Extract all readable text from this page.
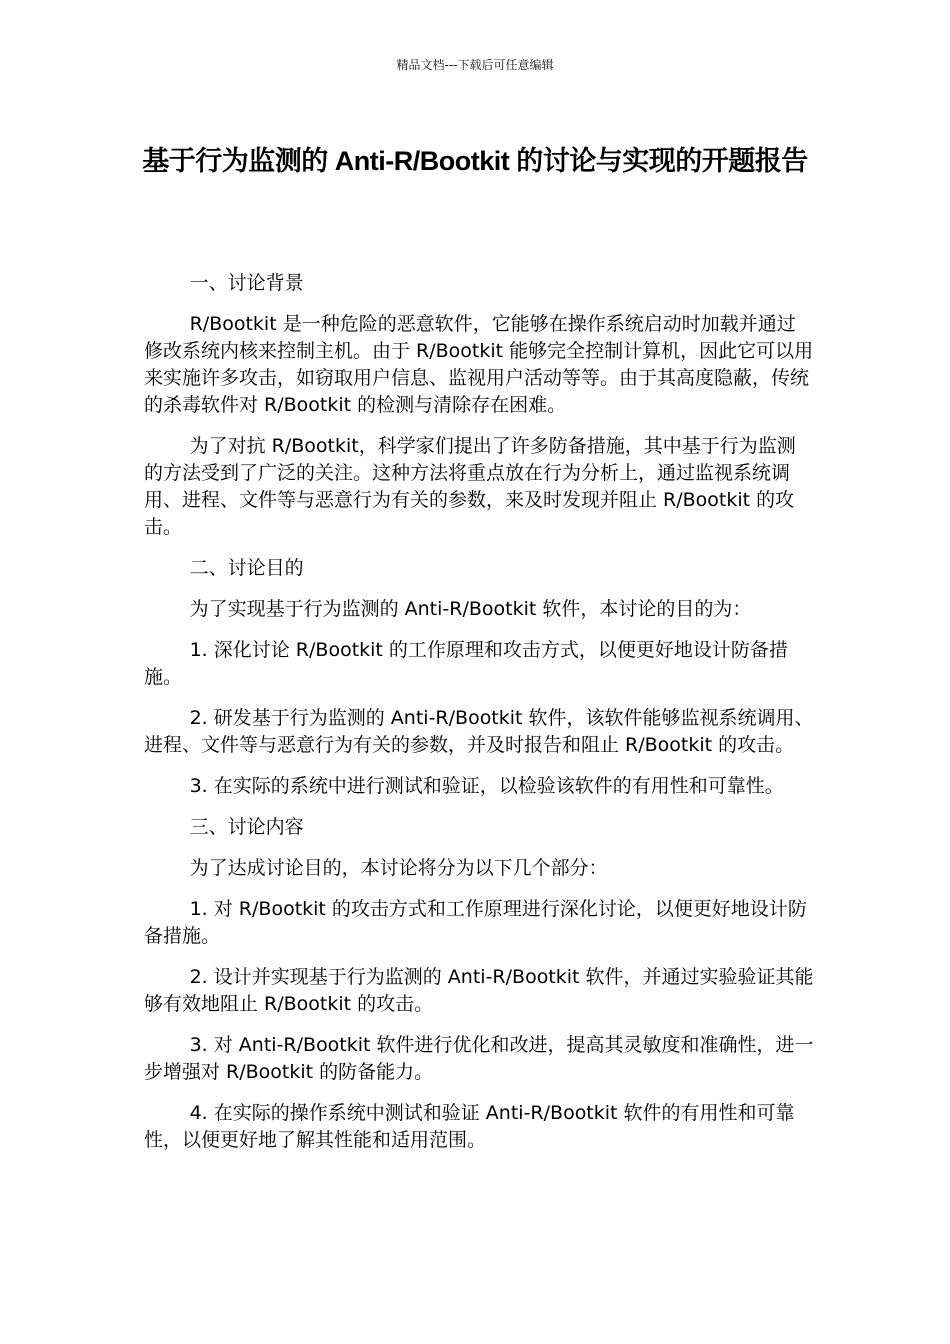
精品文档---下载后可任意编辑
基于行为监测的 Anti-R/Bootkit 的讨论与实现的开题报告
一、讨论背景

R/Bootkit 是一种危险的恶意软件，它能够在操作系统启动时加载并通过修改系统内核来控制主机。由于 R/Bootkit 能够完全控制计算机，因此它可以用来实施许多攻击，如窃取用户信息、监视用户活动等等。由于其高度隐蔽，传统的杀毒软件对 R/Bootkit 的检测与清除存在困难。

为了对抗 R/Bootkit，科学家们提出了许多防备措施，其中基于行为监测的方法受到了广泛的关注。这种方法将重点放在行为分析上，通过监视系统调用、进程、文件等与恶意行为有关的参数，来及时发现并阻止 R/Bootkit 的攻击。

二、讨论目的

为了实现基于行为监测的 Anti-R/Bootkit 软件，本讨论的目的为：

1. 深化讨论 R/Bootkit 的工作原理和攻击方式，以便更好地设计防备措施。

2. 研发基于行为监测的 Anti-R/Bootkit 软件，该软件能够监视系统调用、进程、文件等与恶意行为有关的参数，并及时报告和阻止 R/Bootkit 的攻击。

3. 在实际的系统中进行测试和验证，以检验该软件的有用性和可靠性。

三、讨论内容

为了达成讨论目的，本讨论将分为以下几个部分：

1. 对 R/Bootkit 的攻击方式和工作原理进行深化讨论，以便更好地设计防备措施。

2. 设计并实现基于行为监测的 Anti-R/Bootkit 软件，并通过实验验证其能够有效地阻止 R/Bootkit 的攻击。

3. 对 Anti-R/Bootkit 软件进行优化和改进，提高其灵敏度和准确性，进一步增强对 R/Bootkit 的防备能力。

4. 在实际的操作系统中测试和验证 Anti-R/Bootkit 软件的有用性和可靠性，以便更好地了解其性能和适用范围。
